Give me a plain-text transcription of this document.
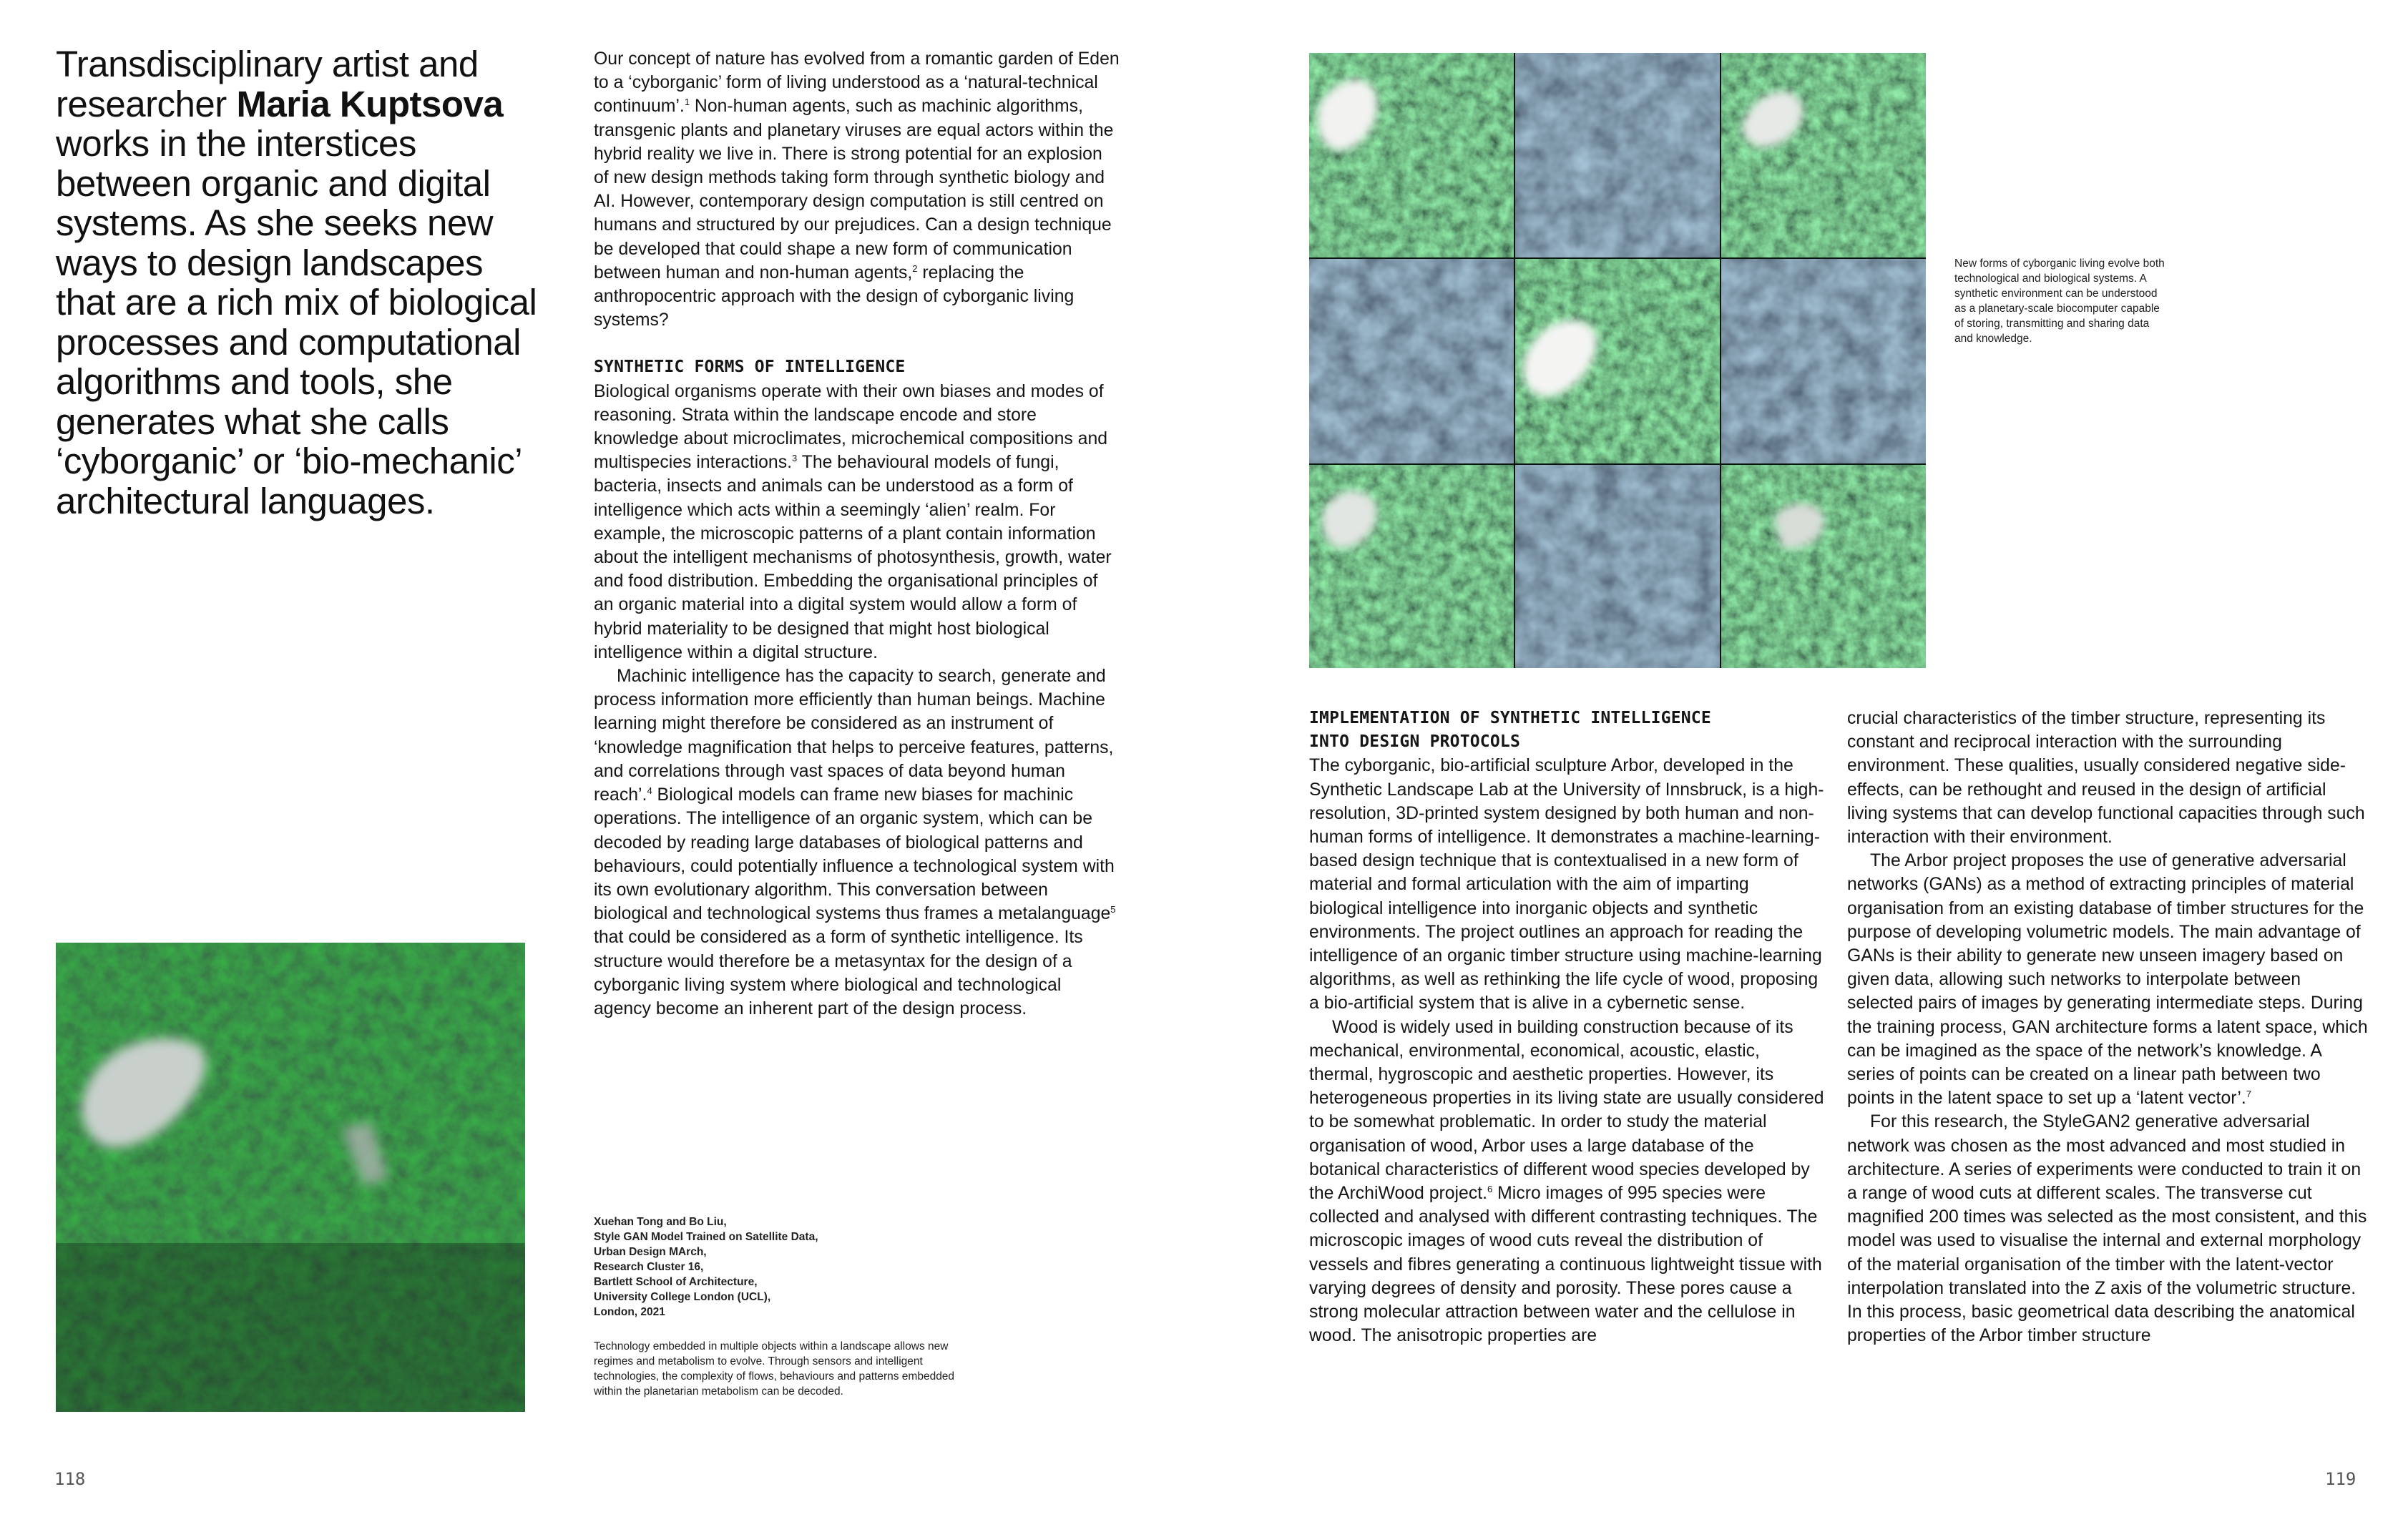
Transdisciplinary artist and researcher Maria Kuptsova works in the interstices between organic and digital systems. As she seeks new ways to design landscapes that are a rich mix of biological processes and computational algorithms and tools, she generates what she calls ‘cyborganic’ or ‘bio-mechanic’ architectural languages.

Our concept of nature has evolved from a romantic garden of Eden to a ‘cyborganic’ form of living understood as a ‘natural-technical continuum’.$^1$ Non-human agents, such as machinic algorithms, transgenic plants and planetary viruses are equal actors within the hybrid reality we live in. There is strong potential for an explosion of new design methods taking form through synthetic biology and AI. However, contemporary design computation is still centred on humans and structured by our prejudices. Can a design technique be developed that could shape a new form of communication between human and non-human agents,$^2$ replacing the anthropocentric approach with the design of cyborganic living systems?

SYNTHETIC FORMS OF INTELLIGENCE

Biological organisms operate with their own biases and modes of reasoning. Strata within the landscape encode and store knowledge about microclimates, microchemical compositions and multispecies interactions.$^3$ The behavioural models of fungi, bacteria, insects and animals can be understood as a form of intelligence which acts within a seemingly ‘alien’ realm. For example, the microscopic patterns of a plant contain information about the intelligent mechanisms of photosynthesis, growth, water and food distribution. Embedding the organisational principles of an organic material into a digital system would allow a form of hybrid materiality to be designed that might host biological intelligence within a digital structure.

Machinic intelligence has the capacity to search, generate and process information more efficiently than human beings. Machine learning might therefore be considered as an instrument of ‘knowledge magnification that helps to perceive features, patterns, and correlations through vast spaces of data beyond human reach’.$^4$ Biological models can frame new biases for machinic operations. The intelligence of an organic system, which can be decoded by reading large databases of biological patterns and behaviours, could potentially influence a technological system with its own evolutionary algorithm. This conversation between biological and technological systems thus frames a metalanguage$^5$ that could be considered as a form of synthetic intelligence. Its structure would therefore be a metasyntax for the design of a cyborganic living system where biological and technological agency become an inherent part of the design process.

Xuehan Tong and Bo Liu,
Style GAN Model Trained on Satellite Data,
Urban Design MArch,
Research Cluster 16,
Bartlett School of Architecture,
University College London (UCL),
London, 2021

Technology embedded in multiple objects within a landscape allows new regimes and metabolism to evolve. Through sensors and intelligent technologies, the complexity of flows, behaviours and patterns embedded within the planetarian metabolism can be decoded.

118

New forms of cyborganic living evolve both technological and biological systems. A synthetic environment can be understood as a planetary-scale biocomputer capable of storing, transmitting and sharing data and knowledge.

IMPLEMENTATION OF SYNTHETIC INTELLIGENCE
INTO DESIGN PROTOCOLS

The cyborganic, bio-artificial sculpture Arbor, developed in the Synthetic Landscape Lab at the University of Innsbruck, is a high-resolution, 3D-printed system designed by both human and non-human forms of intelligence. It demonstrates a machine-learning-based design technique that is contextualised in a new form of material and formal articulation with the aim of imparting biological intelligence into inorganic objects and synthetic environments. The project outlines an approach for reading the intelligence of an organic timber structure using machine-learning algorithms, as well as rethinking the life cycle of wood, proposing a bio-artificial system that is alive in a cybernetic sense.

Wood is widely used in building construction because of its mechanical, environmental, economical, acoustic, elastic, thermal, hygroscopic and aesthetic properties. However, its heterogeneous properties in its living state are usually considered to be somewhat problematic. In order to study the material organisation of wood, Arbor uses a large database of the botanical characteristics of different wood species developed by the ArchiWood project.$^6$ Micro images of 995 species were collected and analysed with different contrasting techniques. The microscopic images of wood cuts reveal the distribution of vessels and fibres generating a continuous lightweight tissue with varying degrees of density and porosity. These pores cause a strong molecular attraction between water and the cellulose in wood. The anisotropic properties are

crucial characteristics of the timber structure, representing its constant and reciprocal interaction with the surrounding environment. These qualities, usually considered negative side-effects, can be rethought and reused in the design of artificial living systems that can develop functional capacities through such interaction with their environment.

The Arbor project proposes the use of generative adversarial networks (GANs) as a method of extracting principles of material organisation from an existing database of timber structures for the purpose of developing volumetric models. The main advantage of GANs is their ability to generate new unseen imagery based on given data, allowing such networks to interpolate between selected pairs of images by generating intermediate steps. During the training process, GAN architecture forms a latent space, which can be imagined as the space of the network’s knowledge. A series of points can be created on a linear path between two points in the latent space to set up a ‘latent vector’.$^7$

For this research, the StyleGAN2 generative adversarial network was chosen as the most advanced and most studied in architecture. A series of experiments were conducted to train it on a range of wood cuts at different scales. The transverse cut magnified 200 times was selected as the most consistent, and this model was used to visualise the internal and external morphology of the material organisation of the timber with the latent-vector interpolation translated into the Z axis of the volumetric structure. In this process, basic geometrical data describing the anatomical properties of the Arbor timber structure

119
